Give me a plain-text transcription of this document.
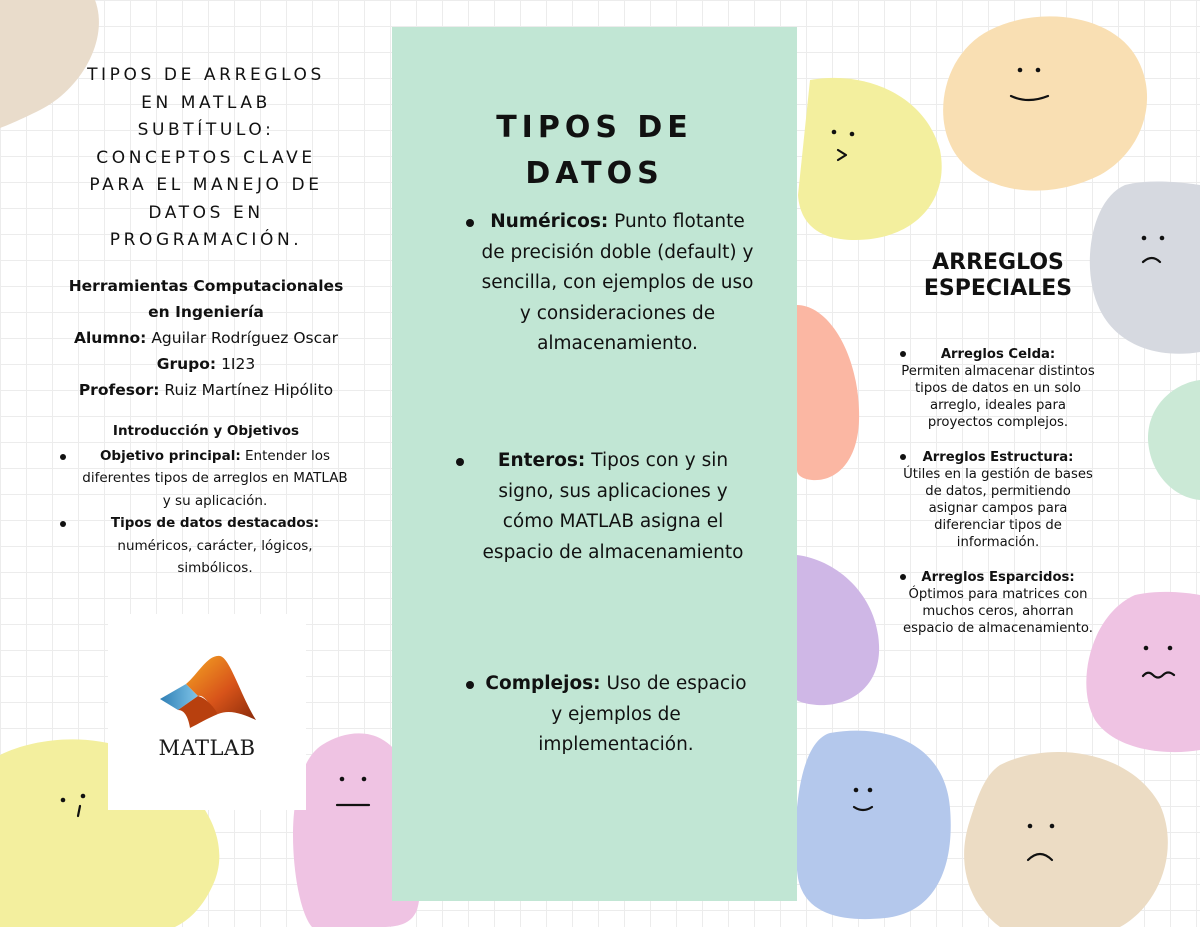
TIPOS DE ARREGLOS
EN MATLAB
SUBTÍTULO:
CONCEPTOS CLAVE
PARA EL MANEJO DE
DATOS EN
PROGRAMACIÓN.
Herramientas Computacionales
en Ingeniería
Alumno: Aguilar Rodríguez Oscar
Grupo: 1I23
Profesor: Ruiz Martínez Hipólito
Introducción y Objetivos
Objetivo principal: Entender los diferentes tipos de arreglos en MATLAB y su aplicación.
Tipos de datos destacados: numéricos, carácter, lógicos, simbólicos.
MATLAB
TIPOS DE
DATOS
Numéricos: Punto flotante de precisión doble (default) y sencilla, con ejemplos de uso y consideraciones de almacenamiento.
Enteros: Tipos con y sin signo, sus aplicaciones y cómo MATLAB asigna el espacio de almacenamiento
Complejos: Uso de espacio y ejemplos de implementación.
ARREGLOS
ESPECIALES
Arreglos Celda:
Permiten almacenar distintos tipos de datos en un solo arreglo, ideales para proyectos complejos.
Arreglos Estructura:
Útiles en la gestión de bases de datos, permitiendo asignar campos para diferenciar tipos de información.
Arreglos Esparcidos:
Óptimos para matrices con muchos ceros, ahorran espacio de almacenamiento.
